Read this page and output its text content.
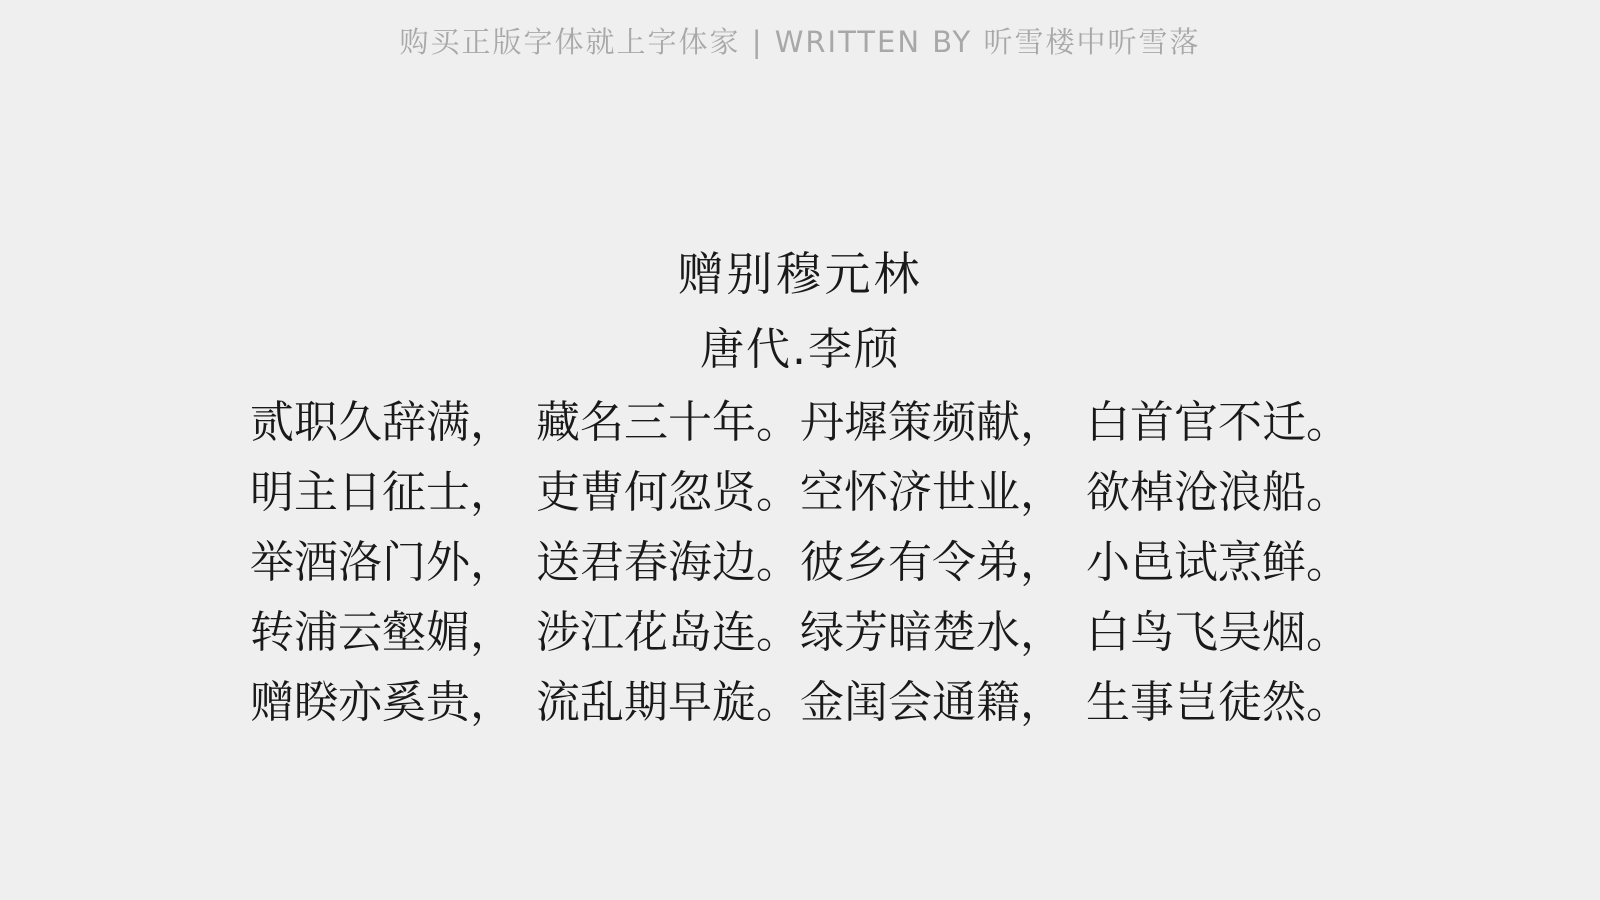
购买正版字体就上字体家 | WRITTEN BY 听雪楼中听雪落
赠别穆元林
唐代.李颀
贰职久辞满，　藏名三十年。丹墀策频献，　白首官不迁。
明主日征士，　吏曹何忽贤。空怀济世业，　欲棹沧浪船。
举酒洛门外，　送君春海边。彼乡有令弟，　小邑试烹鲜。
转浦云壑媚，　涉江花岛连。绿芳暗楚水，　白鸟飞吴烟。
赠睽亦奚贵，　流乱期早旋。金闺会通籍，　生事岂徒然。
